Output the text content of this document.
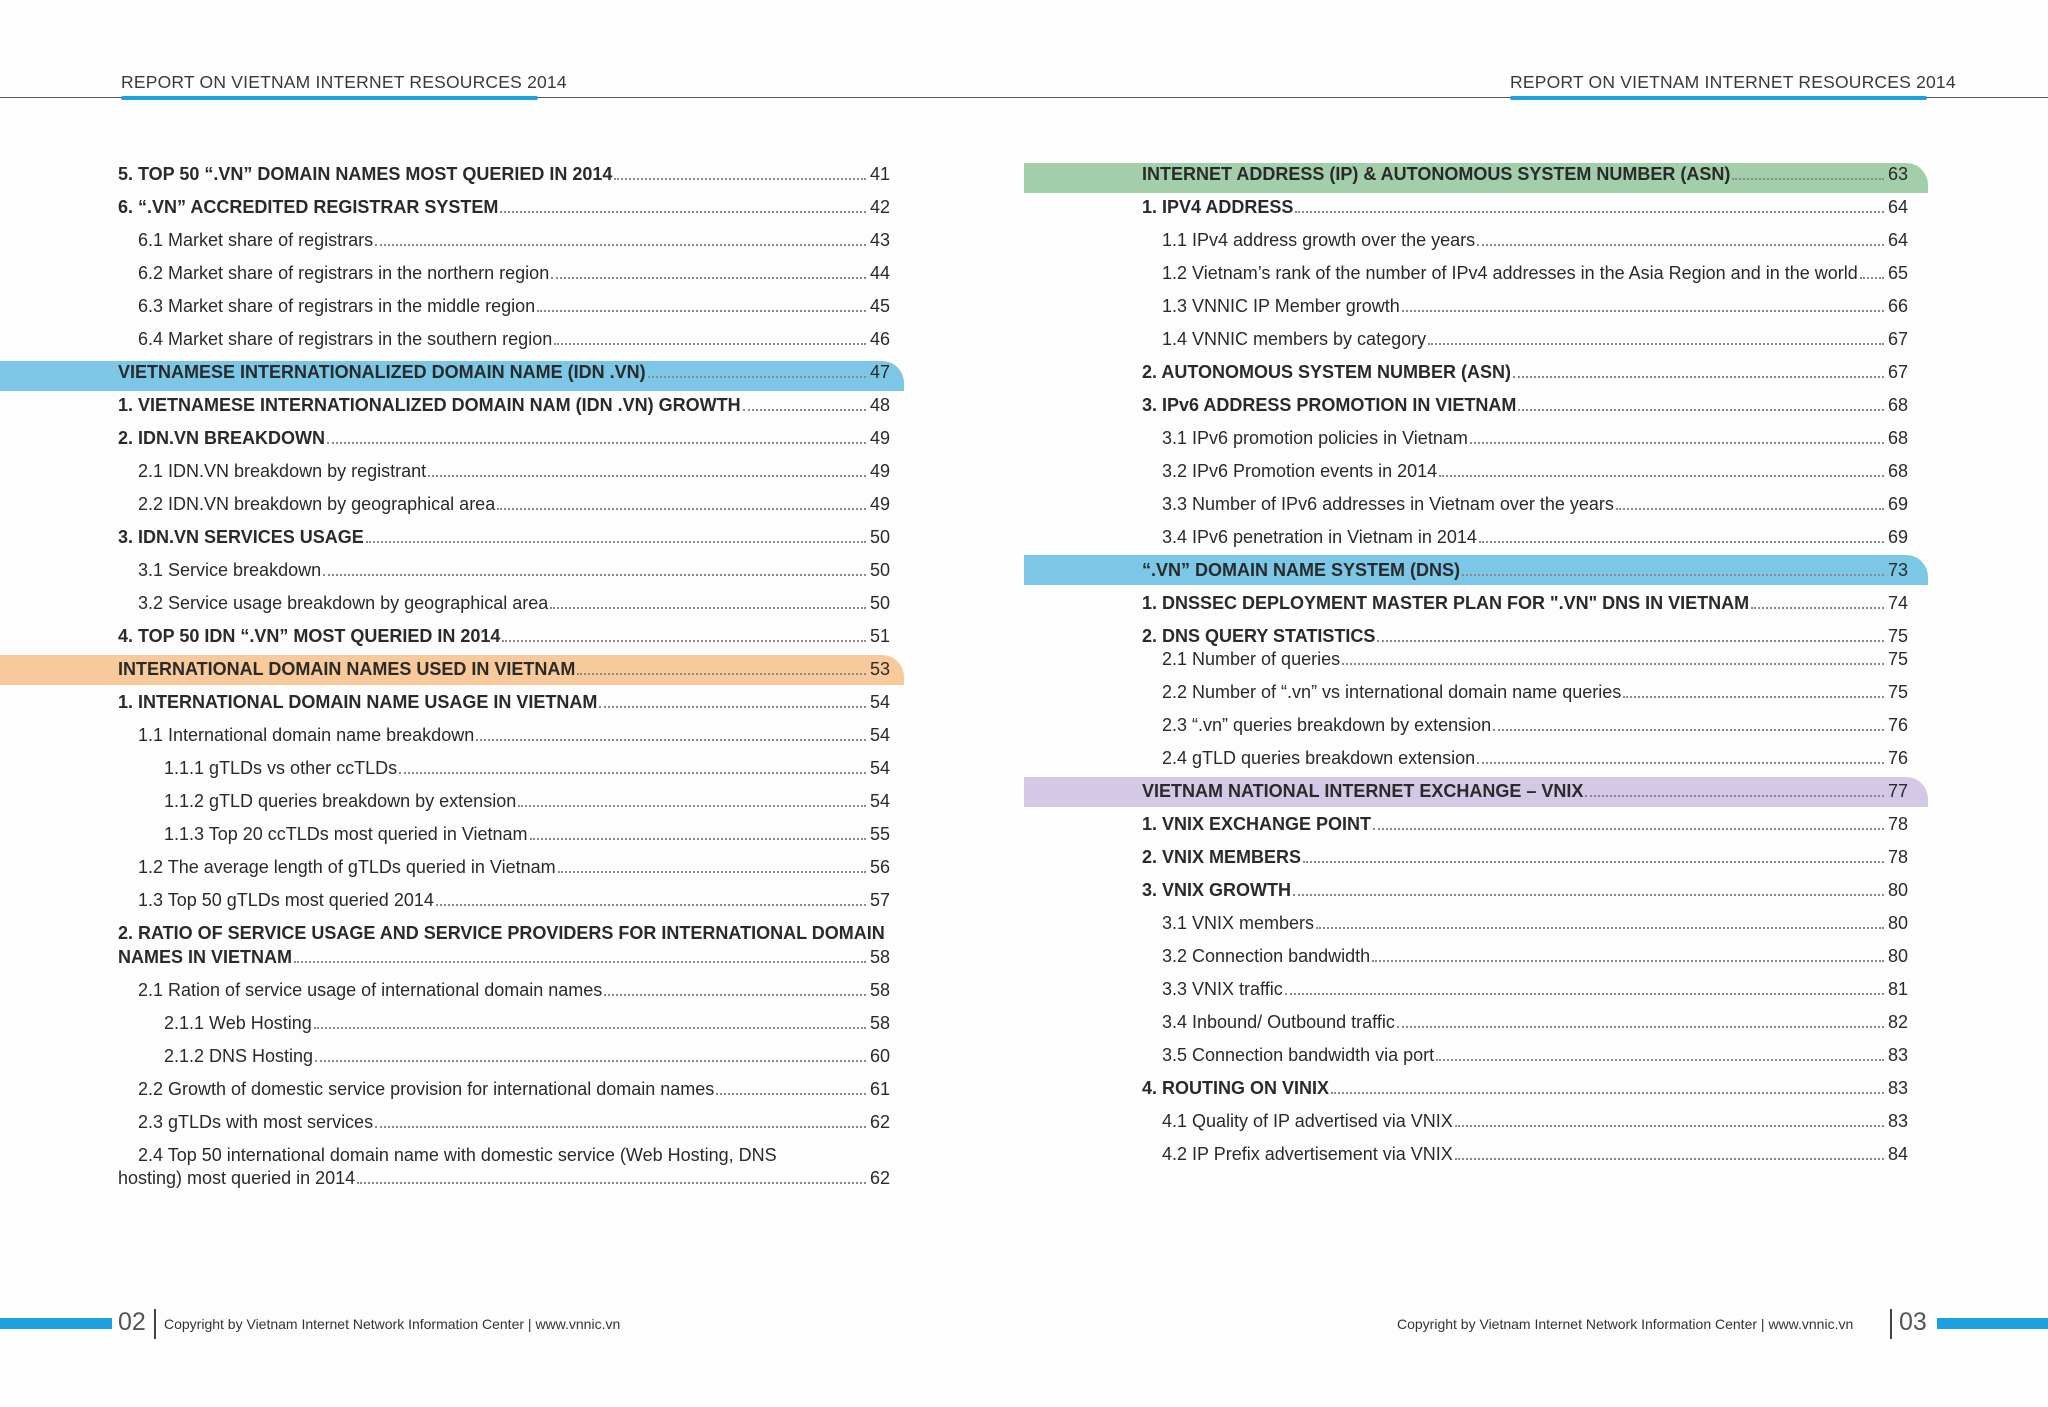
REPORT ON VIETNAM INTERNET RESOURCES 2014	REPORT ON VIETNAM INTERNET RESOURCES 2014
5. TOP 50 “.VN” DOMAIN NAMES MOST QUERIED IN 2014	41
6. “.VN” ACCREDITED REGISTRAR SYSTEM	42
6.1 Market share of registrars	43
6.2 Market share of registrars in the northern region	44
6.3 Market share of registrars in the middle region	45
6.4 Market share of registrars in the southern region	46
VIETNAMESE INTERNATIONALIZED DOMAIN NAME (IDN .VN)	47
1. VIETNAMESE INTERNATIONALIZED DOMAIN NAM (IDN .VN) GROWTH	48
2. IDN.VN BREAKDOWN	49
2.1 IDN.VN breakdown by registrant	49
2.2 IDN.VN breakdown by geographical area	49
3. IDN.VN SERVICES USAGE	50
3.1 Service breakdown	50
3.2 Service usage breakdown by geographical area	50
4. TOP 50 IDN “.VN” MOST QUERIED IN 2014	51
INTERNATIONAL DOMAIN NAMES USED IN VIETNAM	53
1. INTERNATIONAL DOMAIN NAME USAGE IN VIETNAM	54
1.1 International domain name breakdown	54
1.1.1 gTLDs vs other ccTLDs	54
1.1.2 gTLD queries breakdown by extension	54
1.1.3 Top 20 ccTLDs most queried in Vietnam	55
1.2 The average length of gTLDs queried in Vietnam	56
1.3 Top 50 gTLDs most queried 2014	57
2. RATIO OF SERVICE USAGE AND SERVICE PROVIDERS FOR INTERNATIONAL DOMAIN
NAMES IN VIETNAM	58
2.1 Ration of service usage of international domain names	58
2.1.1 Web Hosting	58
2.1.2 DNS Hosting	60
2.2 Growth of domestic service provision for international domain names	61
2.3 gTLDs with most services	62
2.4 Top 50 international domain name with domestic service (Web Hosting, DNS
hosting) most queried in 2014	62
INTERNET ADDRESS (IP) & AUTONOMOUS SYSTEM NUMBER (ASN)	63
1. IPV4 ADDRESS	64
1.1 IPv4 address growth over the years	64
1.2 Vietnam’s rank of the number of IPv4 addresses in the Asia Region and in the world 65
1.3 VNNIC IP Member growth	66
1.4 VNNIC members by category	67
2. AUTONOMOUS SYSTEM NUMBER (ASN)	67
3. IPv6 ADDRESS PROMOTION IN VIETNAM	68
3.1 IPv6 promotion policies in Vietnam	68
3.2 IPv6 Promotion events in 2014	68
3.3 Number of IPv6 addresses in Vietnam over the years	69
3.4 IPv6 penetration in Vietnam in 2014	69
“.VN” DOMAIN NAME SYSTEM (DNS)	73
1. DNSSEC DEPLOYMENT MASTER PLAN FOR ".VN" DNS IN VIETNAM	74
2. DNS QUERY STATISTICS	75
2.1 Number of queries	75
2.2 Number of “.vn” vs international domain name queries	75
2.3 “.vn” queries breakdown by extension	76
2.4 gTLD queries breakdown extension	76
VIETNAM NATIONAL INTERNET EXCHANGE – VNIX	77
1. VNIX EXCHANGE POINT	78
2. VNIX MEMBERS	78
3. VNIX GROWTH	80
3.1 VNIX members	80
3.2 Connection bandwidth	80
3.3 VNIX traffic	81
3.4 Inbound/ Outbound traffic	82
3.5 Connection bandwidth via port	83
4. ROUTING ON VINIX	83
4.1 Quality of IP advertised via VNIX	83
4.2 IP Prefix advertisement via VNIX	84
02 Copyright by Vietnam Internet Network Information Center | www.vnnic.vn	Copyright by Vietnam Internet Network Information Center | www.vnnic.vn 03
